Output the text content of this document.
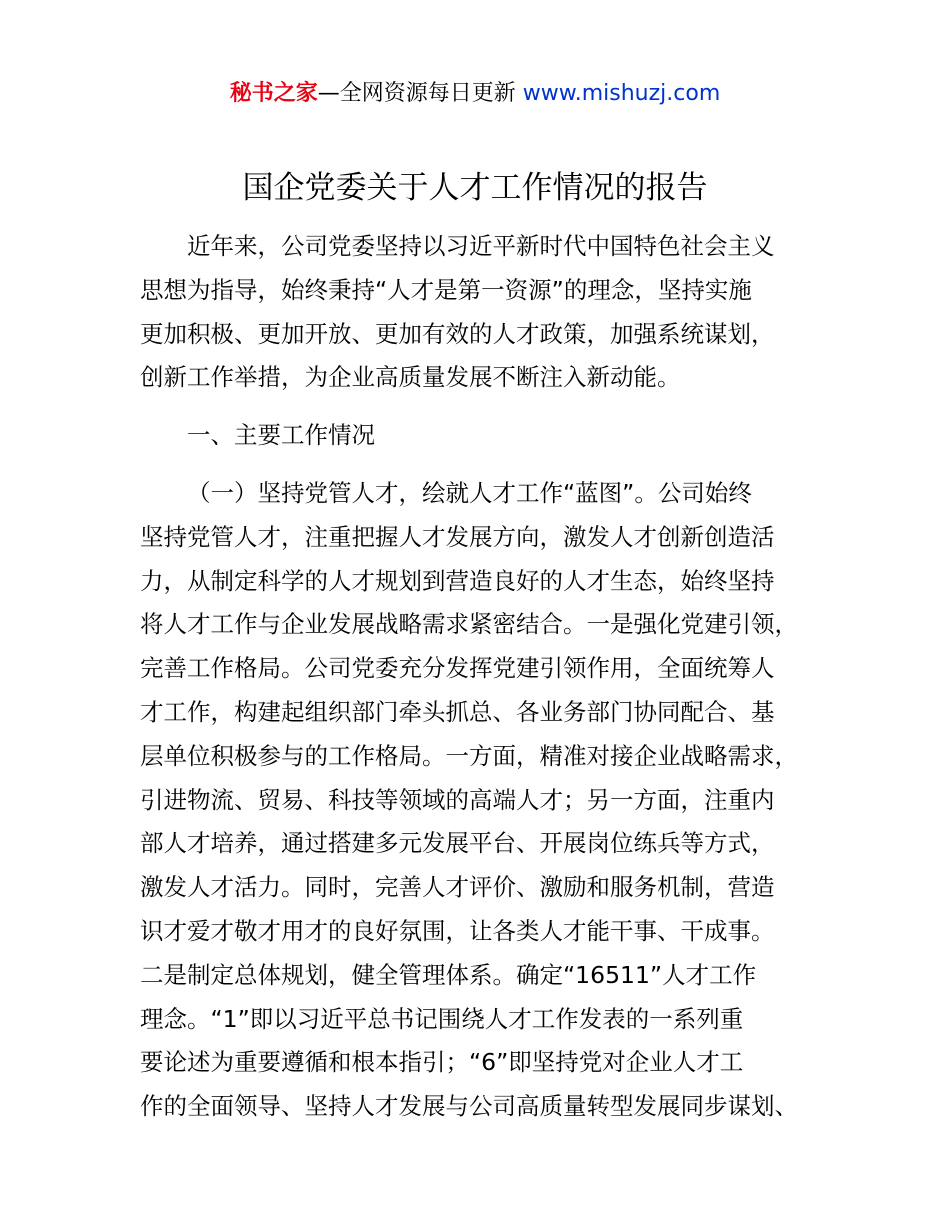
秘书之家—全网资源每日更新 www.mishuzj.com
国企党委关于人才工作情况的报告
近年来，公司党委坚持以习近平新时代中国特色社会主义
思想为指导，始终秉持“人才是第一资源”的理念，坚持实施
更加积极、更加开放、更加有效的人才政策，加强系统谋划，
创新工作举措，为企业高质量发展不断注入新动能。
一、主要工作情况
（一）坚持党管人才，绘就人才工作“蓝图”。公司始终
坚持党管人才，注重把握人才发展方向，激发人才创新创造活
力，从制定科学的人才规划到营造良好的人才生态，始终坚持
将人才工作与企业发展战略需求紧密结合。一是强化党建引领，
完善工作格局。公司党委充分发挥党建引领作用，全面统筹人
才工作，构建起组织部门牵头抓总、各业务部门协同配合、基
层单位积极参与的工作格局。一方面，精准对接企业战略需求，
引进物流、贸易、科技等领域的高端人才；另一方面，注重内
部人才培养，通过搭建多元发展平台、开展岗位练兵等方式，
激发人才活力。同时，完善人才评价、激励和服务机制，营造
识才爱才敬才用才的良好氛围，让各类人才能干事、干成事。
二是制定总体规划，健全管理体系。确定“16511”人才工作
理念。“1”即以习近平总书记围绕人才工作发表的一系列重
要论述为重要遵循和根本指引；“6”即坚持党对企业人才工
作的全面领导、坚持人才发展与公司高质量转型发展同步谋划、
